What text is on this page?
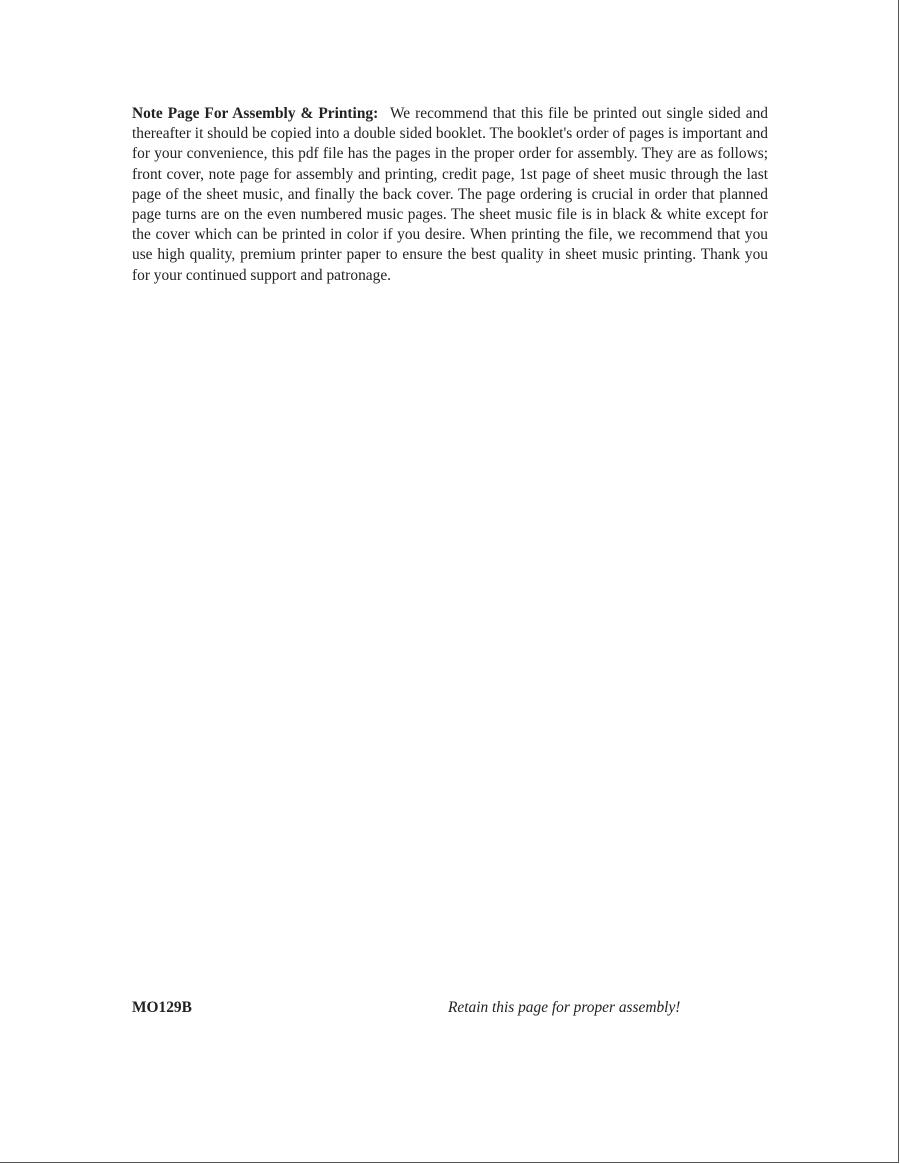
Note Page For Assembly & Printing: We recommend that this file be printed out single sided and thereafter it should be copied into a double sided booklet. The booklet's order of pages is important and for your convenience, this pdf file has the pages in the proper order for assembly. They are as follows; front cover, note page for assembly and printing, credit page, 1st page of sheet music through the last page of the sheet music, and finally the back cover. The page ordering is crucial in order that planned page turns are on the even numbered music pages. The sheet music file is in black & white except for the cover which can be printed in color if you desire. When printing the file, we recommend that you use high quality, premium printer paper to ensure the best quality in sheet music printing. Thank you for your continued support and patronage.

MO129B	Retain this page for proper assembly!
